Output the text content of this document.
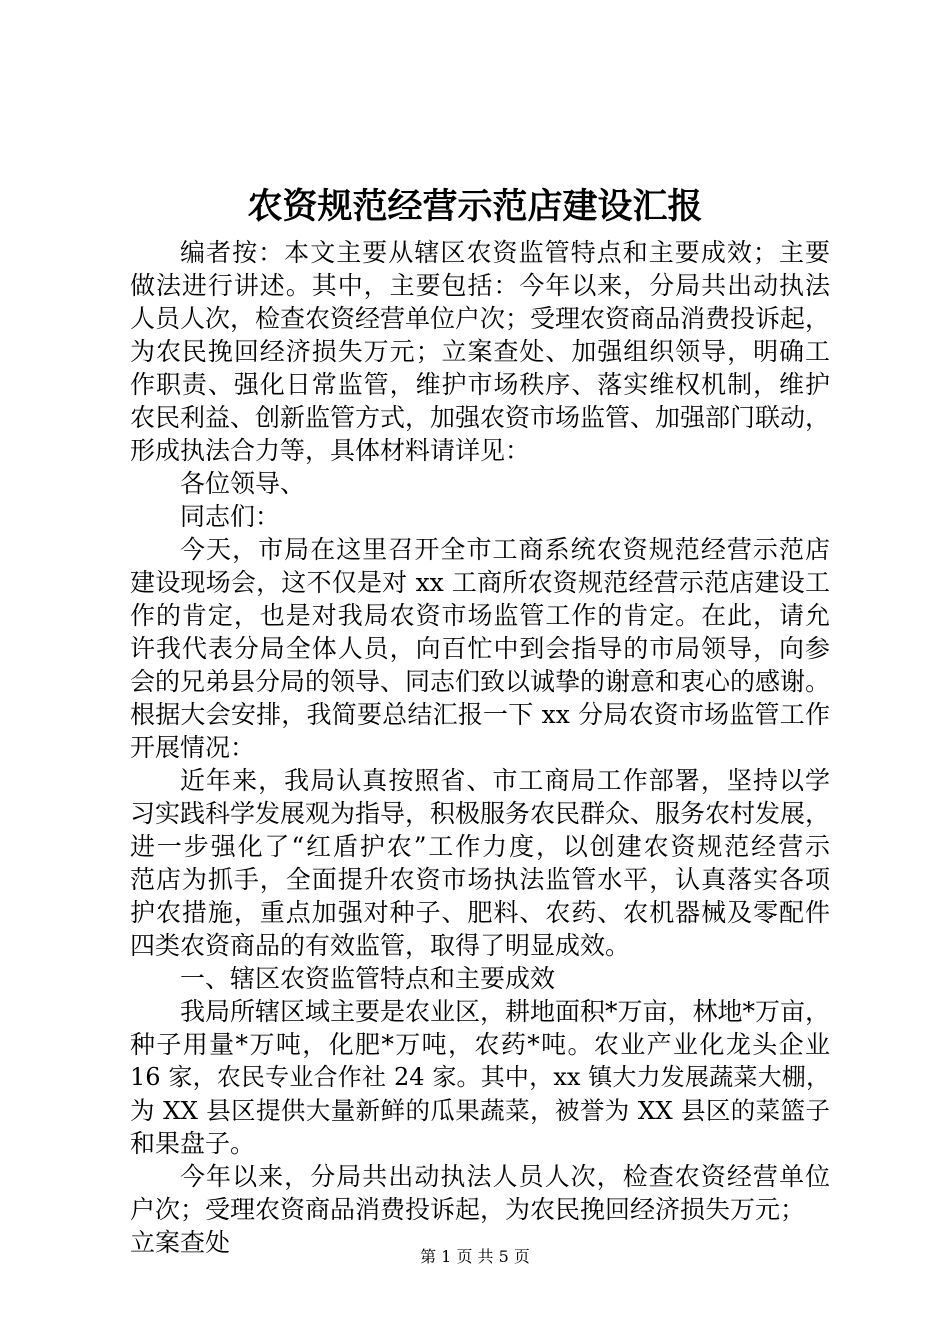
农资规范经营示范店建设汇报
编者按：本文主要从辖区农资监管特点和主要成效；主要
做法进行讲述。其中，主要包括：今年以来，分局共出动执法
人员人次，检查农资经营单位户次；受理农资商品消费投诉起，
为农民挽回经济损失万元；立案查处、加强组织领导，明确工
作职责、强化日常监管，维护市场秩序、落实维权机制，维护
农民利益、创新监管方式，加强农资市场监管、加强部门联动，
形成执法合力等，具体材料请详见：
各位领导、
同志们：
今天，市局在这里召开全市工商系统农资规范经营示范店
建设现场会，这不仅是对 xx 工商所农资规范经营示范店建设工
作的肯定，也是对我局农资市场监管工作的肯定。在此，请允
许我代表分局全体人员，向百忙中到会指导的市局领导，向参
会的兄弟县分局的领导、同志们致以诚挚的谢意和衷心的感谢。
根据大会安排，我简要总结汇报一下 xx 分局农资市场监管工作
开展情况：
近年来，我局认真按照省、市工商局工作部署，坚持以学
习实践科学发展观为指导，积极服务农民群众、服务农村发展，
进一步强化了“红盾护农”工作力度，以创建农资规范经营示
范店为抓手，全面提升农资市场执法监管水平，认真落实各项
护农措施，重点加强对种子、肥料、农药、农机器械及零配件
四类农资商品的有效监管，取得了明显成效。
一、辖区农资监管特点和主要成效
我局所辖区域主要是农业区，耕地面积*万亩，林地*万亩，
种子用量*万吨，化肥*万吨，农药*吨。农业产业化龙头企业
16 家，农民专业合作社 24 家。其中，xx 镇大力发展蔬菜大棚，
为 XX 县区提供大量新鲜的瓜果蔬菜，被誉为 XX 县区的菜篮子
和果盘子。
今年以来，分局共出动执法人员人次，检查农资经营单位
户次；受理农资商品消费投诉起，为农民挽回经济损失万元；
立案查处	第 1 页 共 5 页
